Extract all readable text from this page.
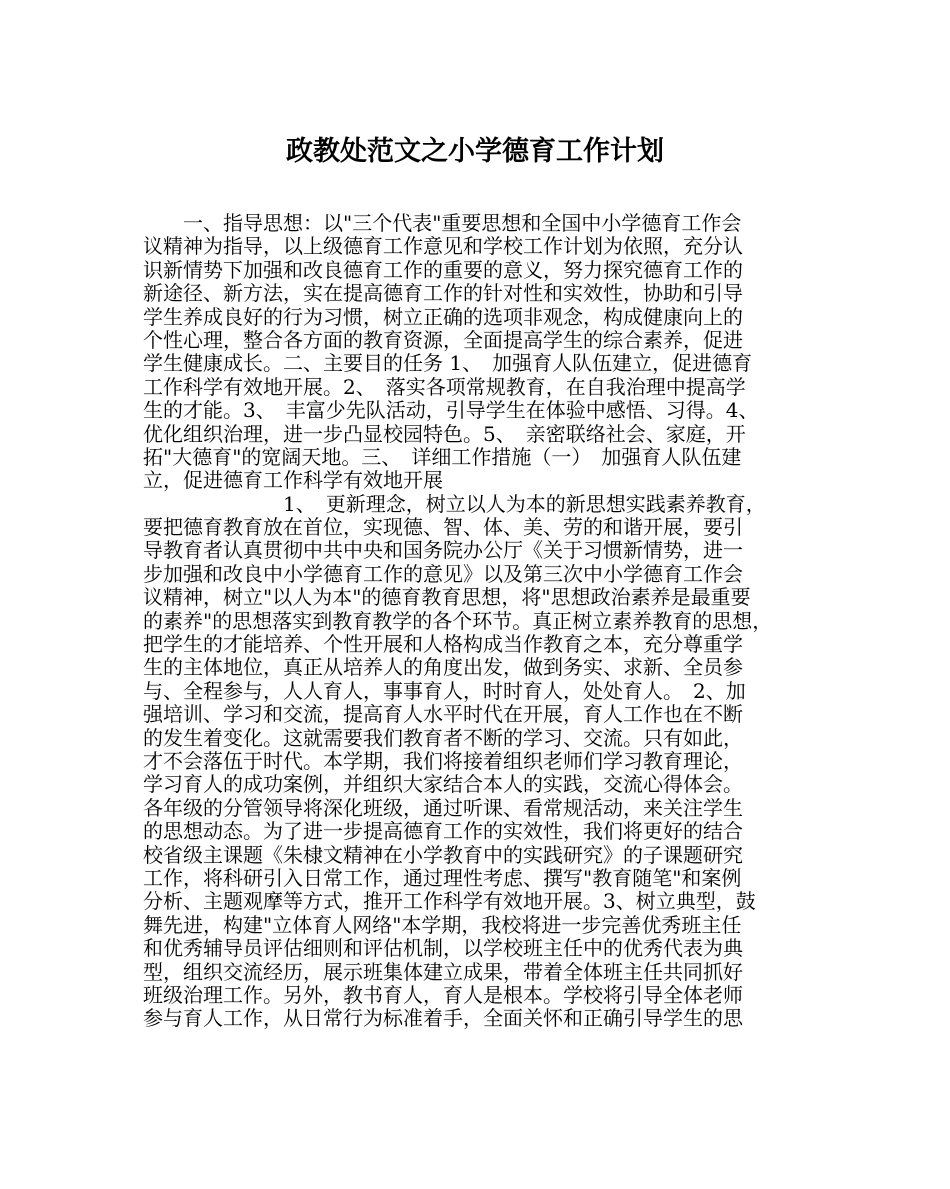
政教处范文之小学德育工作计划
　　一、指导思想：以"三个代表"重要思想和全国中小学德育工作会
议精神为指导，以上级德育工作意见和学校工作计划为依照，充分认
识新情势下加强和改良德育工作的重要的意义，努力探究德育工作的
新途径、新方法，实在提高德育工作的针对性和实效性，协助和引导
学生养成良好的行为习惯，树立正确的选项非观念，构成健康向上的
个性心理，整合各方面的教育资源，全面提高学生的综合素养，促进
学生健康成长。二、主要目的任务 1、　加强育人队伍建立，促进德育
工作科学有效地开展。2、　落实各项常规教育，在自我治理中提高学
生的才能。3、　丰富少先队活动，引导学生在体验中感悟、习得。4、
优化组织治理，进一步凸显校园特色。5、　亲密联络社会、家庭，开
拓"大德育"的宽阔天地。三、　详细工作措施（一）　加强育人队伍建
立，促进德育工作科学有效地开展
　　　　　　　1、　更新理念，树立以人为本的新思想实践素养教育，
要把德育教育放在首位，实现德、智、体、美、劳的和谐开展，要引
导教育者认真贯彻中共中央和国务院办公厅《关于习惯新情势，进一
步加强和改良中小学德育工作的意见》以及第三次中小学德育工作会
议精神，树立"以人为本"的德育教育思想，将"思想政治素养是最重要
的素养"的思想落实到教育教学的各个环节。真正树立素养教育的思想，
把学生的才能培养、个性开展和人格构成当作教育之本，充分尊重学
生的主体地位，真正从培养人的角度出发，做到务实、求新、全员参
与、全程参与，人人育人，事事育人，时时育人，处处育人。　2、加
强培训、学习和交流，提高育人水平时代在开展，育人工作也在不断
的发生着变化。这就需要我们教育者不断的学习、交流。只有如此，
才不会落伍于时代。本学期，我们将接着组织老师们学习教育理论，
学习育人的成功案例，并组织大家结合本人的实践，交流心得体会。
各年级的分管领导将深化班级，通过听课、看常规活动，来关注学生
的思想动态。为了进一步提高德育工作的实效性，我们将更好的结合
校省级主课题《朱棣文精神在小学教育中的实践研究》的子课题研究
工作，将科研引入日常工作，通过理性考虑、撰写"教育随笔"和案例
分析、主题观摩等方式，推开工作科学有效地开展。3、树立典型，鼓
舞先进，构建"立体育人网络"本学期，我校将进一步完善优秀班主任
和优秀辅导员评估细则和评估机制，以学校班主任中的优秀代表为典
型，组织交流经历，展示班集体建立成果，带着全体班主任共同抓好
班级治理工作。另外，教书育人，育人是根本。学校将引导全体老师
参与育人工作，从日常行为标准着手，全面关怀和正确引导学生的思
